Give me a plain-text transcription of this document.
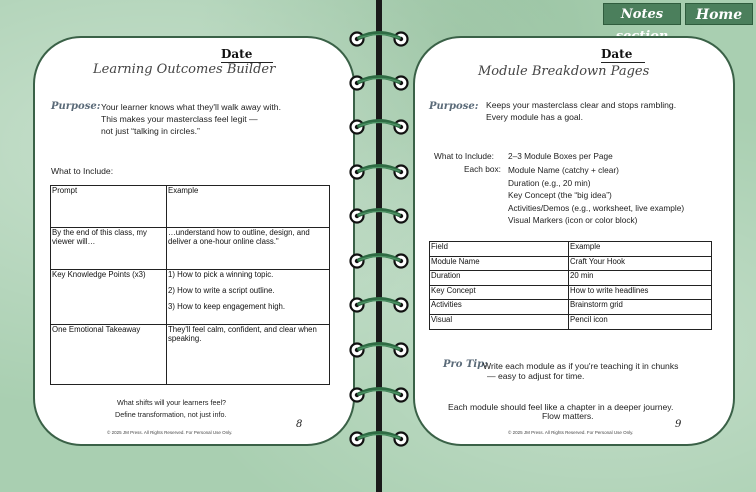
Notes	Home
Date
Learning Outcomes Builder
Purpose: Your learner knows what they'll walk away with.
This makes your masterclass feel legit —
not just “talking in circles.”
What to Include:
Prompt	Example
By the end of this class, my viewer will…	…understand how to outline, design, and deliver a one-hour online class."
Key Knowledge Points (x3)	1) How to pick a winning topic.

2) How to write a script outline.

3) How to keep engagement high.

One Emotional Takeaway	They'll feel calm, confident, and clear when speaking.
What shifts will your learners feel?
Define transformation, not just info.
© 2025 JM Press. All Rights Reserved. For Personal Use Only.
8
Date
Module Breakdown Pages
Purpose: Keeps your masterclass clear and stops rambling.
Every module has a goal.
What to Include: 2–3 Module Boxes per Page
Each box: Module Name (catchy + clear)
Duration (e.g., 20 min)
Key Concept (the “big idea”)
Activities/Demos (e.g., worksheet, live example)
Visual Markers (icon or color block)
Field	Example
Module Name	Craft Your Hook
Duration	20 min
Key Concept	How to write headlines
Activities	Brainstorm grid
Visual	Pencil icon
Pro Tip:
Write each module as if you're teaching it in chunks
— easy to adjust for time.
Each module should feel like a chapter in a deeper journey.
Flow matters.
© 2025 JM Press. All Rights Reserved. For Personal Use Only.
9
